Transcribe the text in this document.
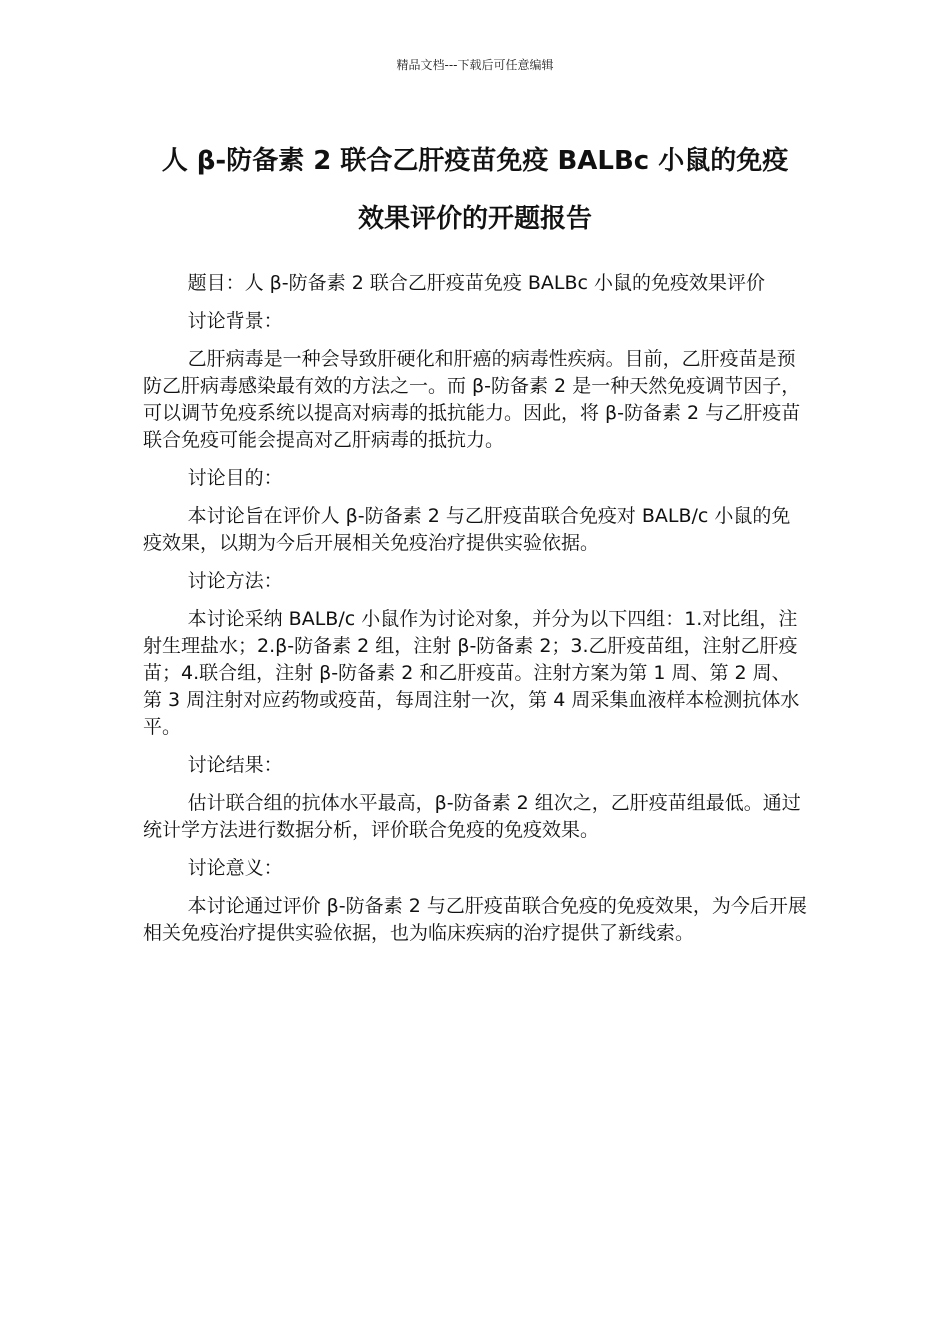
精品文档---下载后可任意编辑
人 β-防备素 2 联合乙肝疫苗免疫 BALBc 小鼠的免疫
效果评价的开题报告

题目：人 β-防备素 2 联合乙肝疫苗免疫 BALBc 小鼠的免疫效果评价

讨论背景：

乙肝病毒是一种会导致肝硬化和肝癌的病毒性疾病。目前，乙肝疫苗是预防乙肝病毒感染最有效的方法之一。而 β-防备素 2 是一种天然免疫调节因子，可以调节免疫系统以提高对病毒的抵抗能力。因此，将 β-防备素 2 与乙肝疫苗联合免疫可能会提高对乙肝病毒的抵抗力。

讨论目的：

本讨论旨在评价人 β-防备素 2 与乙肝疫苗联合免疫对 BALB/c 小鼠的免疫效果，以期为今后开展相关免疫治疗提供实验依据。

讨论方法：

本讨论采纳 BALB/c 小鼠作为讨论对象，并分为以下四组：1.对比组，注射生理盐水；2.β-防备素 2 组，注射 β-防备素 2；3.乙肝疫苗组，注射乙肝疫苗；4.联合组，注射 β-防备素 2 和乙肝疫苗。注射方案为第 1 周、第 2 周、第 3 周注射对应药物或疫苗，每周注射一次，第 4 周采集血液样本检测抗体水平。

讨论结果：

估计联合组的抗体水平最高，β-防备素 2 组次之，乙肝疫苗组最低。通过统计学方法进行数据分析，评价联合免疫的免疫效果。

讨论意义：

本讨论通过评价 β-防备素 2 与乙肝疫苗联合免疫的免疫效果，为今后开展相关免疫治疗提供实验依据，也为临床疾病的治疗提供了新线索。
